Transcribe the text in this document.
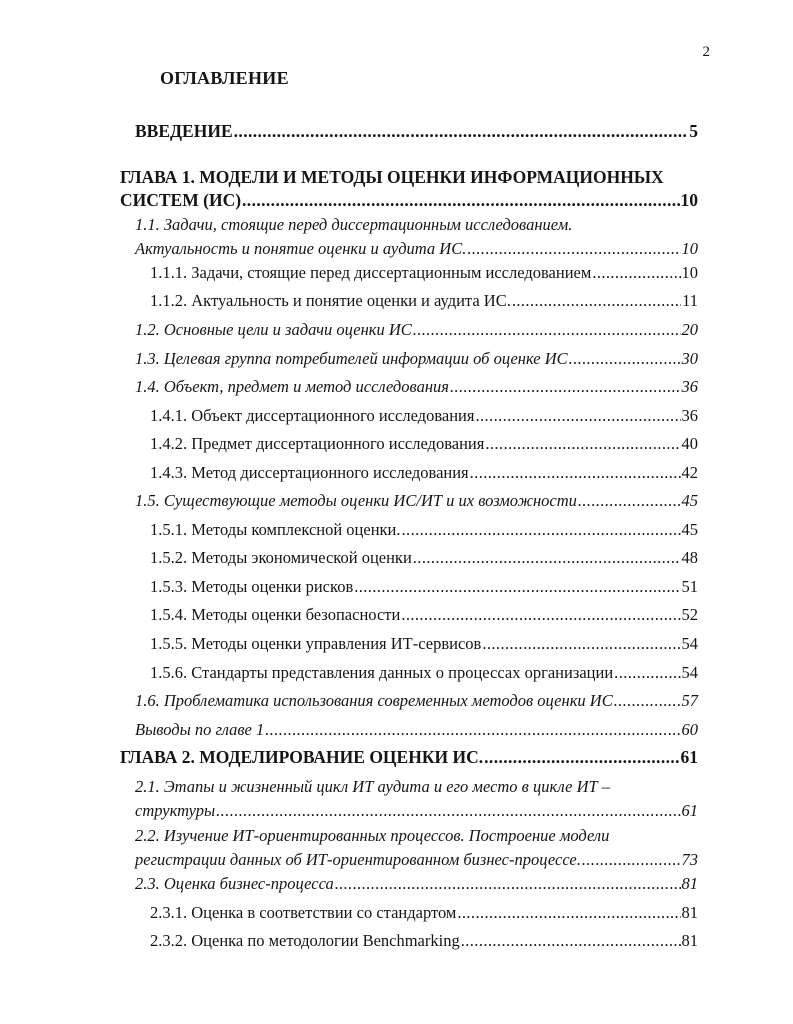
2
ОГЛАВЛЕНИЕ
ВВЕДЕНИЕ .....	5
ГЛАВА 1. МОДЕЛИ И МЕТОДЫ ОЦЕНКИ ИНФОРМАЦИОННЫХ
СИСТЕМ (ИС) .....	10
1.1. Задачи, стоящие перед диссертационным исследованием.
Актуальность и понятие оценки и аудита ИС. .....	10
1.1.1. Задачи, стоящие перед диссертационным исследованием .....	10
1.1.2. Актуальность и понятие оценки и аудита ИС. .....	11
1.2. Основные цели и задачи оценки ИС .....	20
1.3. Целевая группа потребителей информации об оценке ИС .....	30
1.4. Объект, предмет и метод исследования .....	36
1.4.1. Объект диссертационного исследования .....	36
1.4.2. Предмет диссертационного исследования .....	40
1.4.3. Метод диссертационного исследования .....	42
1.5. Существующие методы оценки ИС/ИТ и их возможности .....	45
1.5.1. Методы комплексной оценки. .....	45
1.5.2. Методы экономической оценки .....	48
1.5.3. Методы оценки рисков .....	51
1.5.4. Методы оценки безопасности .....	52
1.5.5. Методы оценки управления ИТ-сервисов .....	54
1.5.6. Стандарты представления данных о процессах организации .....	54
1.6. Проблематика использования современных методов оценки ИС .....	57
Выводы по главе 1 .....	60
ГЛАВА 2. МОДЕЛИРОВАНИЕ ОЦЕНКИ ИС. .....	61
2.1. Этапы и жизненный цикл ИТ аудита и его место в цикле ИТ –
структуры .....	61
2.2. Изучение ИТ-ориентированных процессов. Построение модели
регистрации данных об ИТ-ориентированном бизнес-процессе. .....	73
2.3. Оценка бизнес-процесса .....	81
2.3.1. Оценка в соответствии со стандартом .....	81
2.3.2. Оценка по методологии Benchmarking .....	81
